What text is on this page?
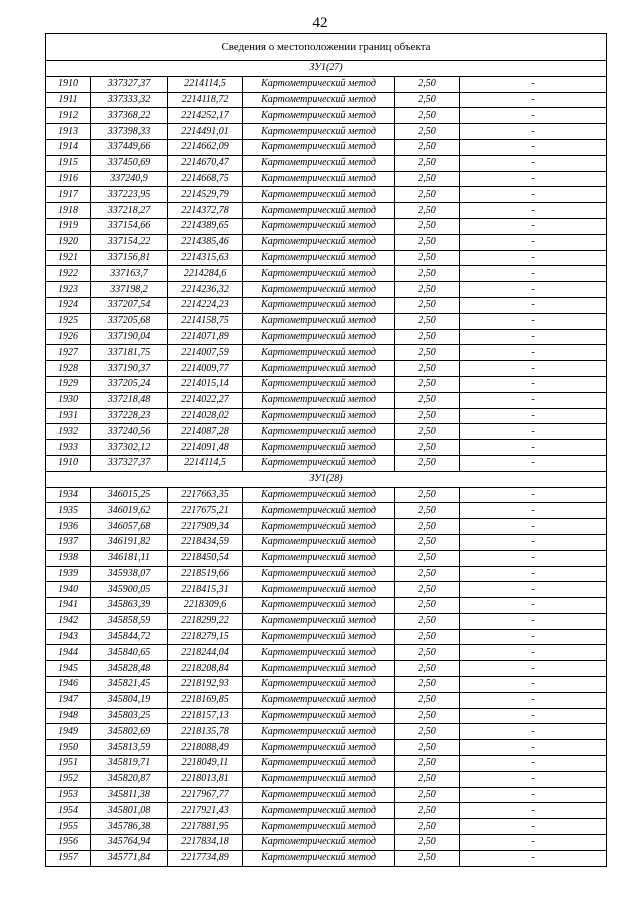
42
Сведения о местоположении границ объекта					
ЗУ1(27)					
1910	337327,37	2214114,5	Картометрический метод	2,50	-
1911	337333,32	2214118,72	Картометрический метод	2,50	-
1912	337368,22	2214252,17	Картометрический метод	2,50	-
1913	337398,33	2214491,01	Картометрический метод	2,50	-
1914	337449,66	2214662,09	Картометрический метод	2,50	-
1915	337450,69	2214670,47	Картометрический метод	2,50	-
1916	337240,9	2214668,75	Картометрический метод	2,50	-
1917	337223,95	2214529,79	Картометрический метод	2,50	-
1918	337218,27	2214372,78	Картометрический метод	2,50	-
1919	337154,66	2214389,65	Картометрический метод	2,50	-
1920	337154,22	2214385,46	Картометрический метод	2,50	-
1921	337156,81	2214315,63	Картометрический метод	2,50	-
1922	337163,7	2214284,6	Картометрический метод	2,50	-
1923	337198,2	2214236,32	Картометрический метод	2,50	-
1924	337207,54	2214224,23	Картометрический метод	2,50	-
1925	337205,68	2214158,75	Картометрический метод	2,50	-
1926	337190,04	2214071,89	Картометрический метод	2,50	-
1927	337181,75	2214007,59	Картометрический метод	2,50	-
1928	337190,37	2214009,77	Картометрический метод	2,50	-
1929	337205,24	2214015,14	Картометрический метод	2,50	-
1930	337218,48	2214022,27	Картометрический метод	2,50	-
1931	337228,23	2214028,02	Картометрический метод	2,50	-
1932	337240,56	2214087,28	Картометрический метод	2,50	-
1933	337302,12	2214091,48	Картометрический метод	2,50	-
1910	337327,37	2214114,5	Картометрический метод	2,50	-
ЗУ1(28)					
1934	346015,25	2217663,35	Картометрический метод	2,50	-
1935	346019,62	2217675,21	Картометрический метод	2,50	-
1936	346057,68	2217909,34	Картометрический метод	2,50	-
1937	346191,82	2218434,59	Картометрический метод	2,50	-
1938	346181,11	2218450,54	Картометрический метод	2,50	-
1939	345938,07	2218519,66	Картометрический метод	2,50	-
1940	345900,05	2218415,31	Картометрический метод	2,50	-
1941	345863,39	2218309,6	Картометрический метод	2,50	-
1942	345858,59	2218299,22	Картометрический метод	2,50	-
1943	345844,72	2218279,15	Картометрический метод	2,50	-
1944	345840,65	2218244,04	Картометрический метод	2,50	-
1945	345828,48	2218208,84	Картометрический метод	2,50	-
1946	345821,45	2218192,93	Картометрический метод	2,50	-
1947	345804,19	2218169,85	Картометрический метод	2,50	-
1948	345803,25	2218157,13	Картометрический метод	2,50	-
1949	345802,69	2218135,78	Картометрический метод	2,50	-
1950	345813,59	2218088,49	Картометрический метод	2,50	-
1951	345819,71	2218049,11	Картометрический метод	2,50	-
1952	345820,87	2218013,81	Картометрический метод	2,50	-
1953	345811,38	2217967,77	Картометрический метод	2,50	-
1954	345801,08	2217921,43	Картометрический метод	2,50	-
1955	345786,38	2217881,95	Картометрический метод	2,50	-
1956	345764,94	2217834,18	Картометрический метод	2,50	-
1957	345771,84	2217734,89	Картометрический метод	2,50	-
